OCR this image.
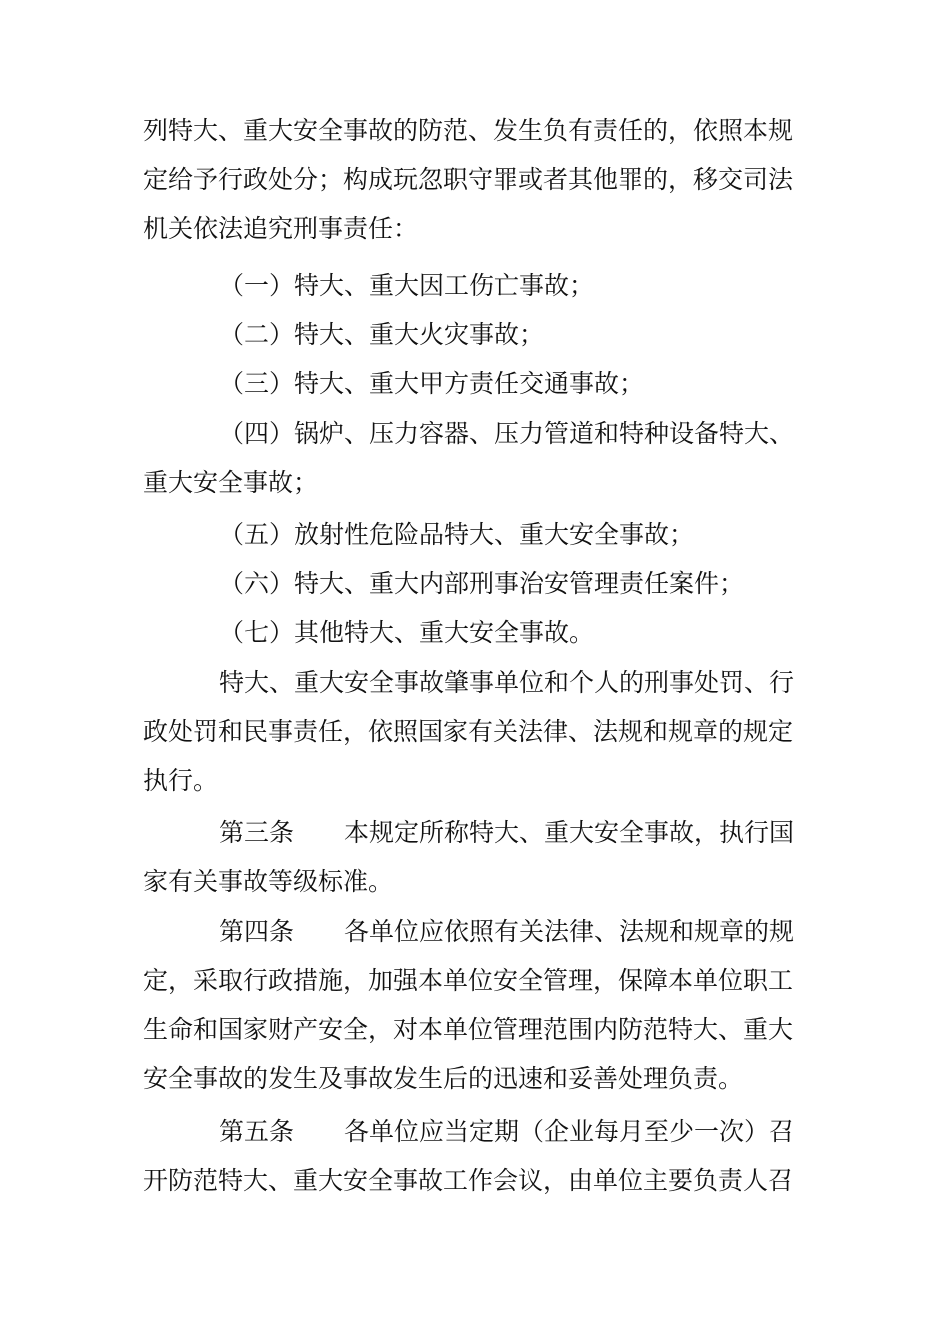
列特大、重大安全事故的防范、发生负有责任的，依照本规定给予行政处分；构成玩忽职守罪或者其他罪的，移交司法机关依法追究刑事责任：

（一）特大、重大因工伤亡事故；

（二）特大、重大火灾事故；

（三）特大、重大甲方责任交通事故；

（四）锅炉、压力容器、压力管道和特种设备特大、重大安全事故；

（五）放射性危险品特大、重大安全事故；

（六）特大、重大内部刑事治安管理责任案件；

（七）其他特大、重大安全事故。

特大、重大安全事故肇事单位和个人的刑事处罚、行政处罚和民事责任，依照国家有关法律、法规和规章的规定执行。

第三条 本规定所称特大、重大安全事故，执行国家有关事故等级标准。

第四条 各单位应依照有关法律、法规和规章的规定，采取行政措施，加强本单位安全管理，保障本单位职工生命和国家财产安全，对本单位管理范围内防范特大、重大安全事故的发生及事故发生后的迅速和妥善处理负责。

第五条 各单位应当定期（企业每月至少一次）召开防范特大、重大安全事故工作会议，由单位主要负责人召
